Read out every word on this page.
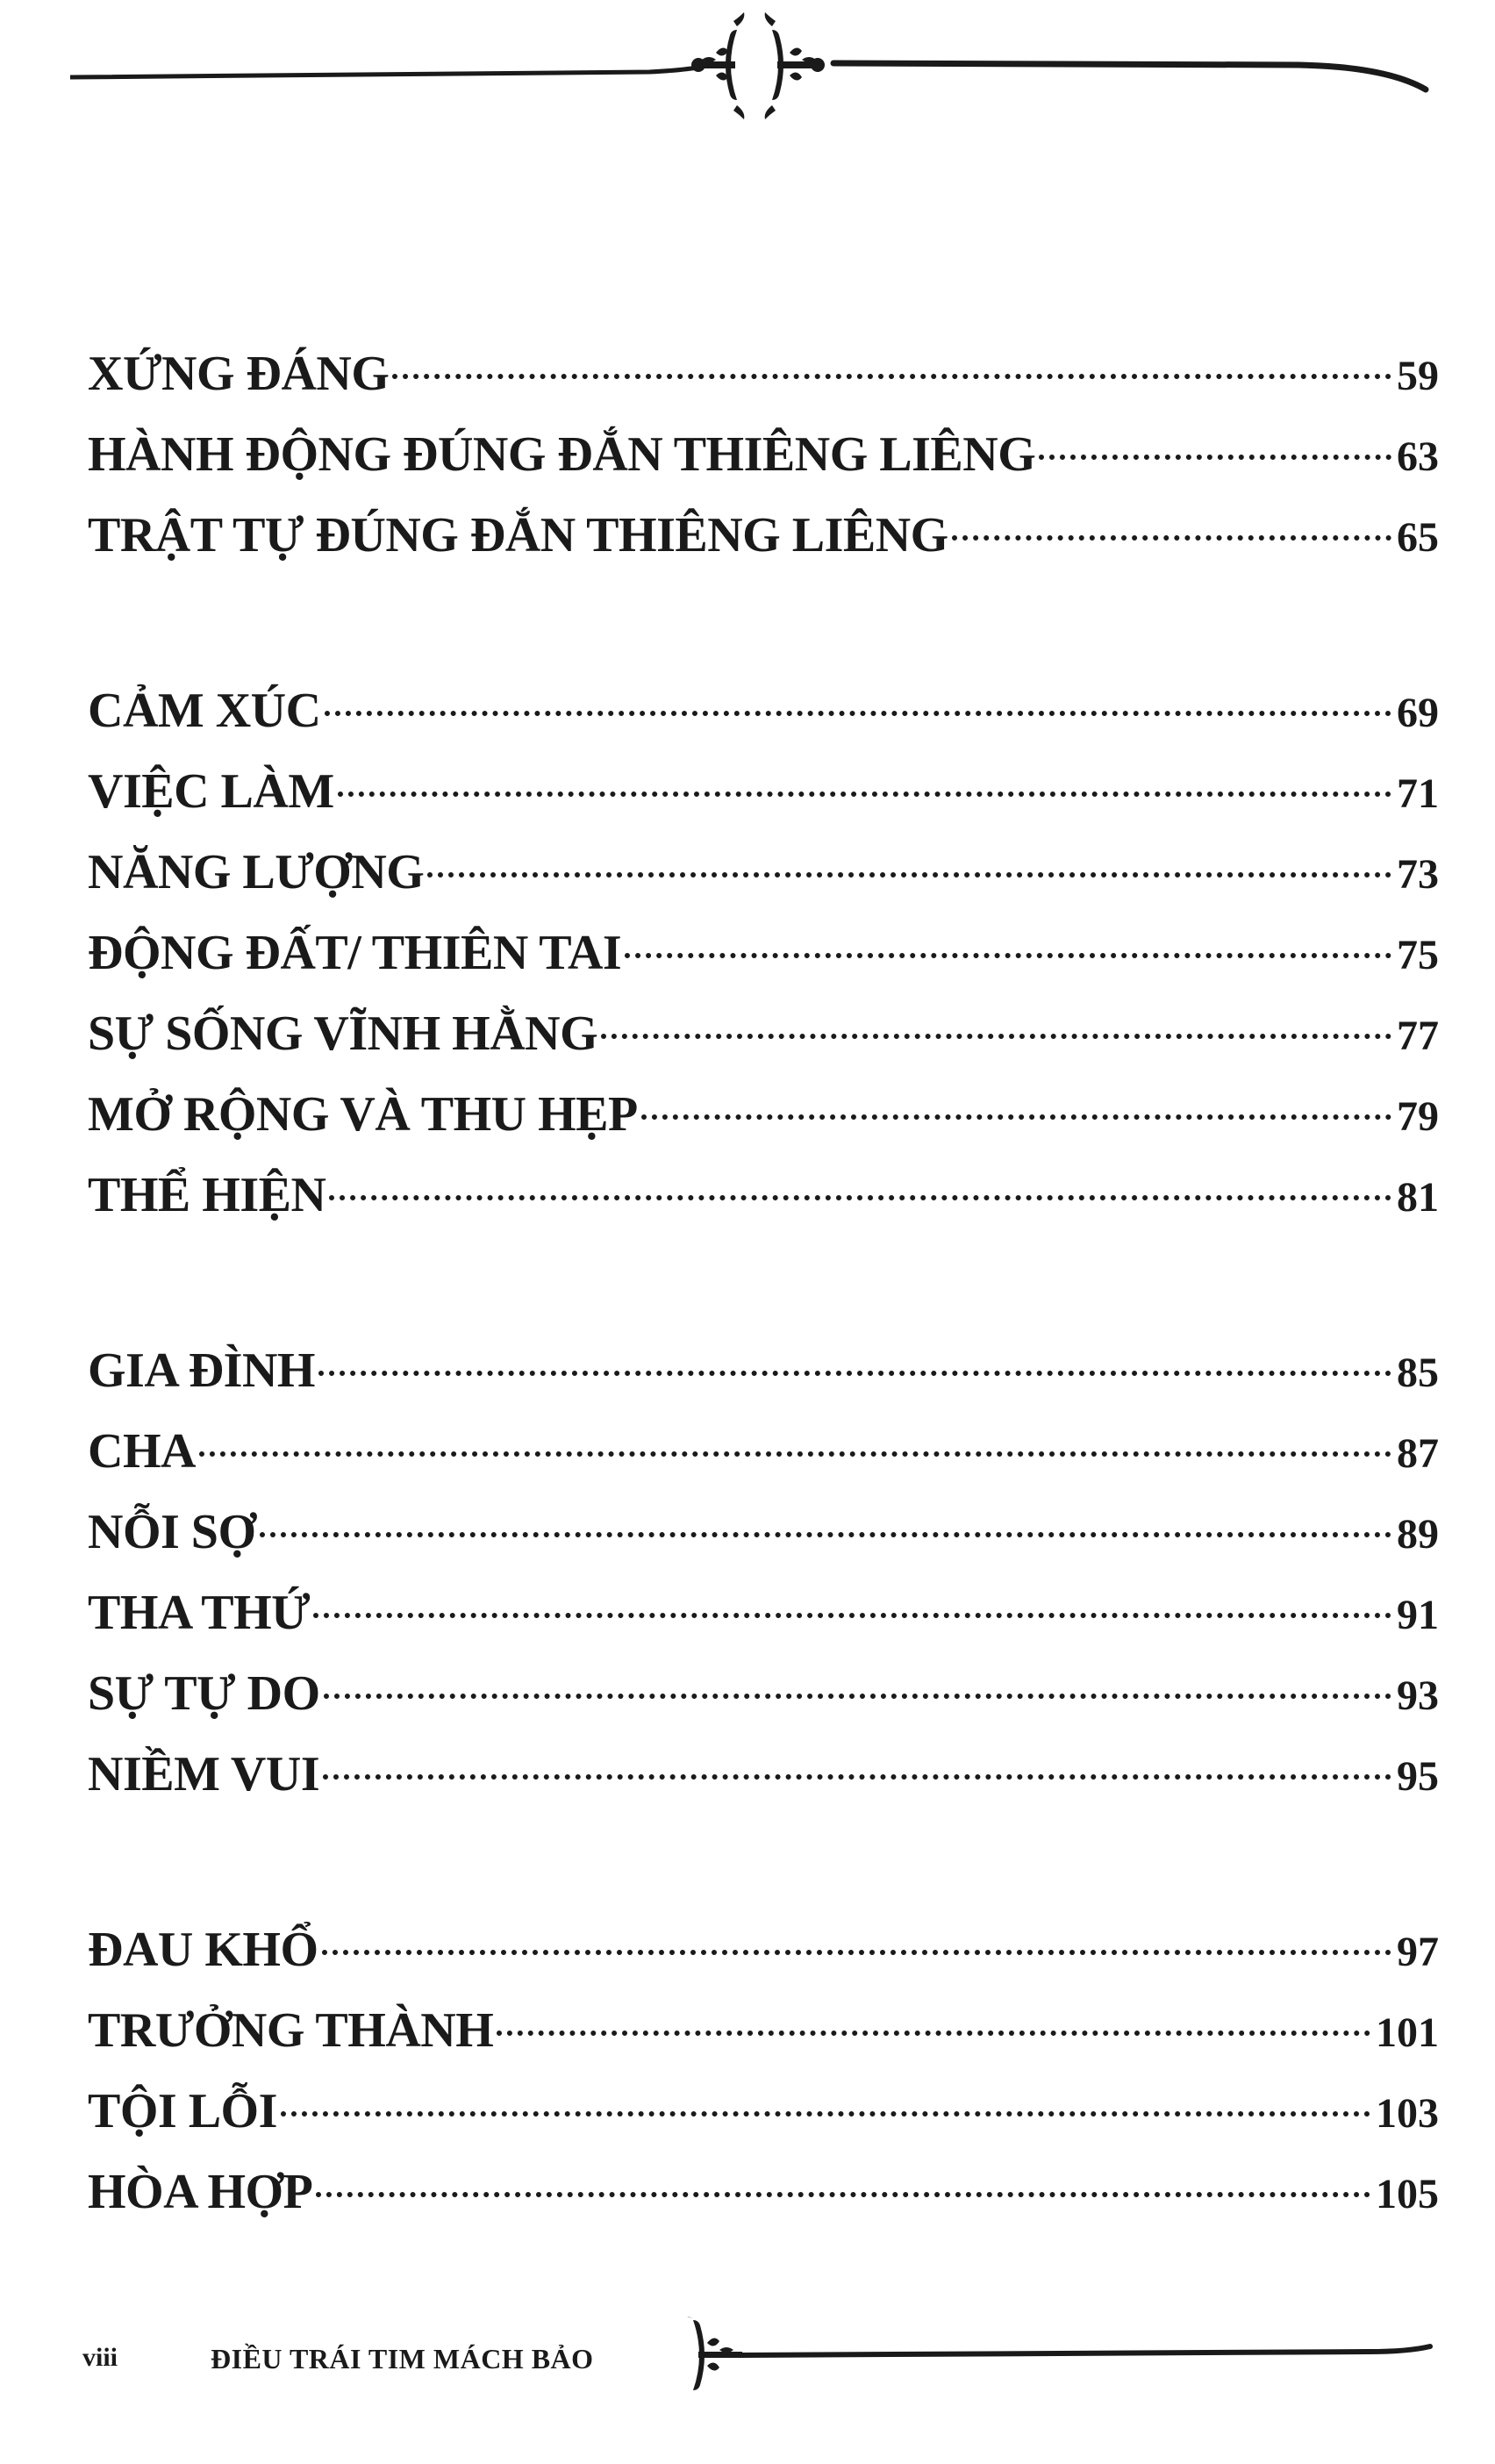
XỨNG ĐÁNG	59
HÀNH ĐỘNG ĐÚNG ĐẮN THIÊNG LIÊNG	63
TRẬT TỰ ĐÚNG ĐẮN THIÊNG LIÊNG	65
CẢM XÚC	69
VIỆC LÀM	71
NĂNG LƯỢNG	73
ĐỘNG ĐẤT/ THIÊN TAI	75
SỰ SỐNG VĨNH HẰNG	77
MỞ RỘNG VÀ THU HẸP	79
THỂ HIỆN	81
GIA ĐÌNH	85
CHA	87
NỖI SỢ	89
THA THỨ	91
SỰ TỰ DO	93
NIỀM VUI	95
ĐAU KHỔ	97
TRƯỞNG THÀNH	101
TỘI LỖI	103
HÒA HỢP	105
viii	ĐIỀU TRÁI TIM MÁCH BẢO
